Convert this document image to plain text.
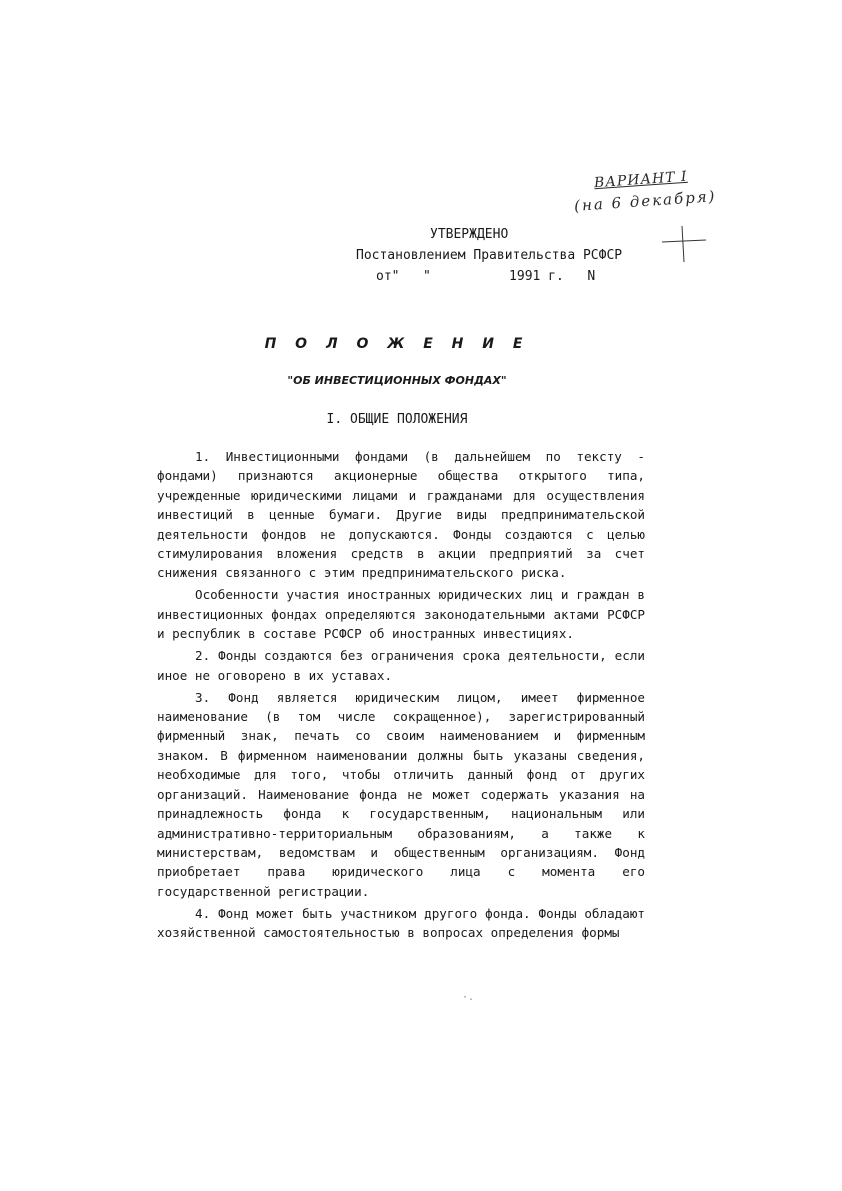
ВАРИАНТ I
(на 6 декабря)
УТВЕРЖДЕНО
Постановлением Правительства РСФСР
от"   "          1991 г.   N
П О Л О Ж Е Н И Е
"ОБ ИНВЕСТИЦИОННЫХ ФОНДАХ"
I. ОБЩИЕ ПОЛОЖЕНИЯ

1. Инвестиционными фондами (в дальнейшем по тексту - фондами) признаются акционерные общества открытого типа, учрежденные юридическими лицами и гражданами для осуществления инвестиций в ценные бумаги. Другие виды предпринимательской деятельности фондов не допускаются. Фонды создаются с целью стимулирования вложения средств в акции предприятий за счет снижения связанного с этим предпринимательского риска.

Особенности участия иностранных юридических лиц и граждан в инвестиционных фондах определяются законодательными актами РСФСР и республик в составе РСФСР об иностранных инвестициях.

2. Фонды создаются без ограничения срока деятельности, если иное не оговорено в их уставах.

3. Фонд является юридическим лицом, имеет фирменное наименование (в том числе сокращенное), зарегистрированный фирменный знак, печать со своим наименованием и фирменным знаком. В фирменном наименовании должны быть указаны сведения, необходимые для того, чтобы отличить данный фонд от других организаций. Наименование фонда не может содержать указания на принадлежность фонда к государственным, национальным или административно-территориальным образованиям, а также к министерствам, ведомствам и общественным организациям. Фонд приобретает права юридического лица с момента его государственной регистрации.

4. Фонд может быть участником другого фонда. Фонды обладают хозяйственной самостоятельностью в вопросах определения формы

·.
